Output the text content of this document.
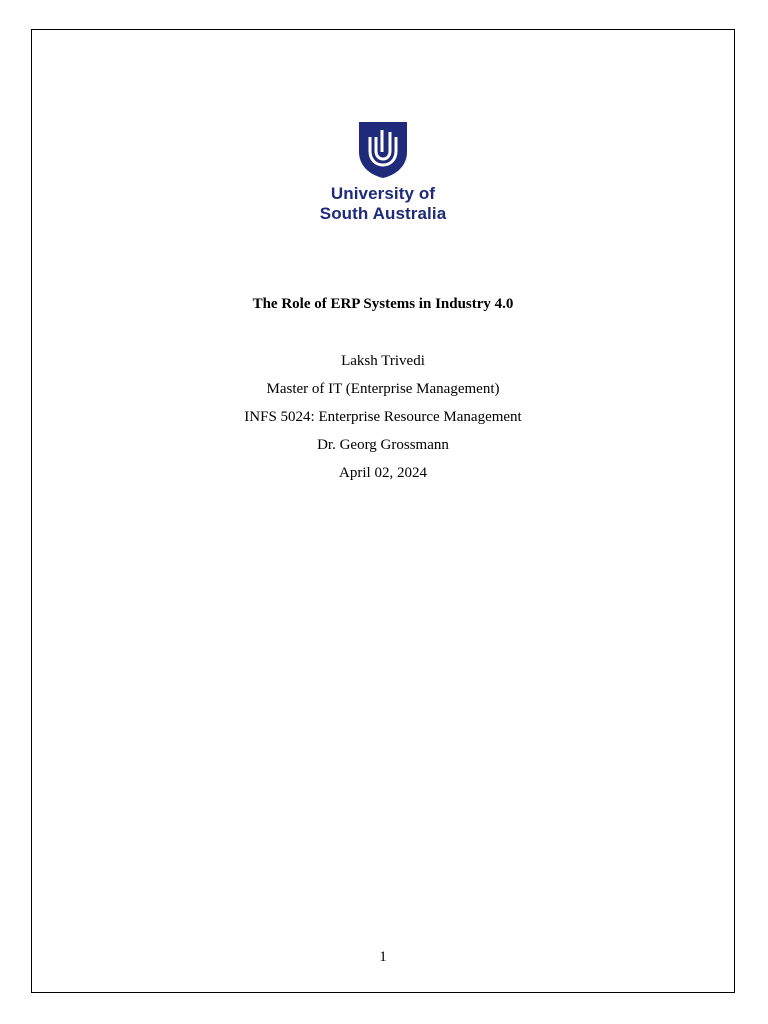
University of
South Australia
The Role of ERP Systems in Industry 4.0
Laksh Trivedi
Master of IT (Enterprise Management)
INFS 5024: Enterprise Resource Management
Dr. Georg Grossmann
April 02, 2024
1
